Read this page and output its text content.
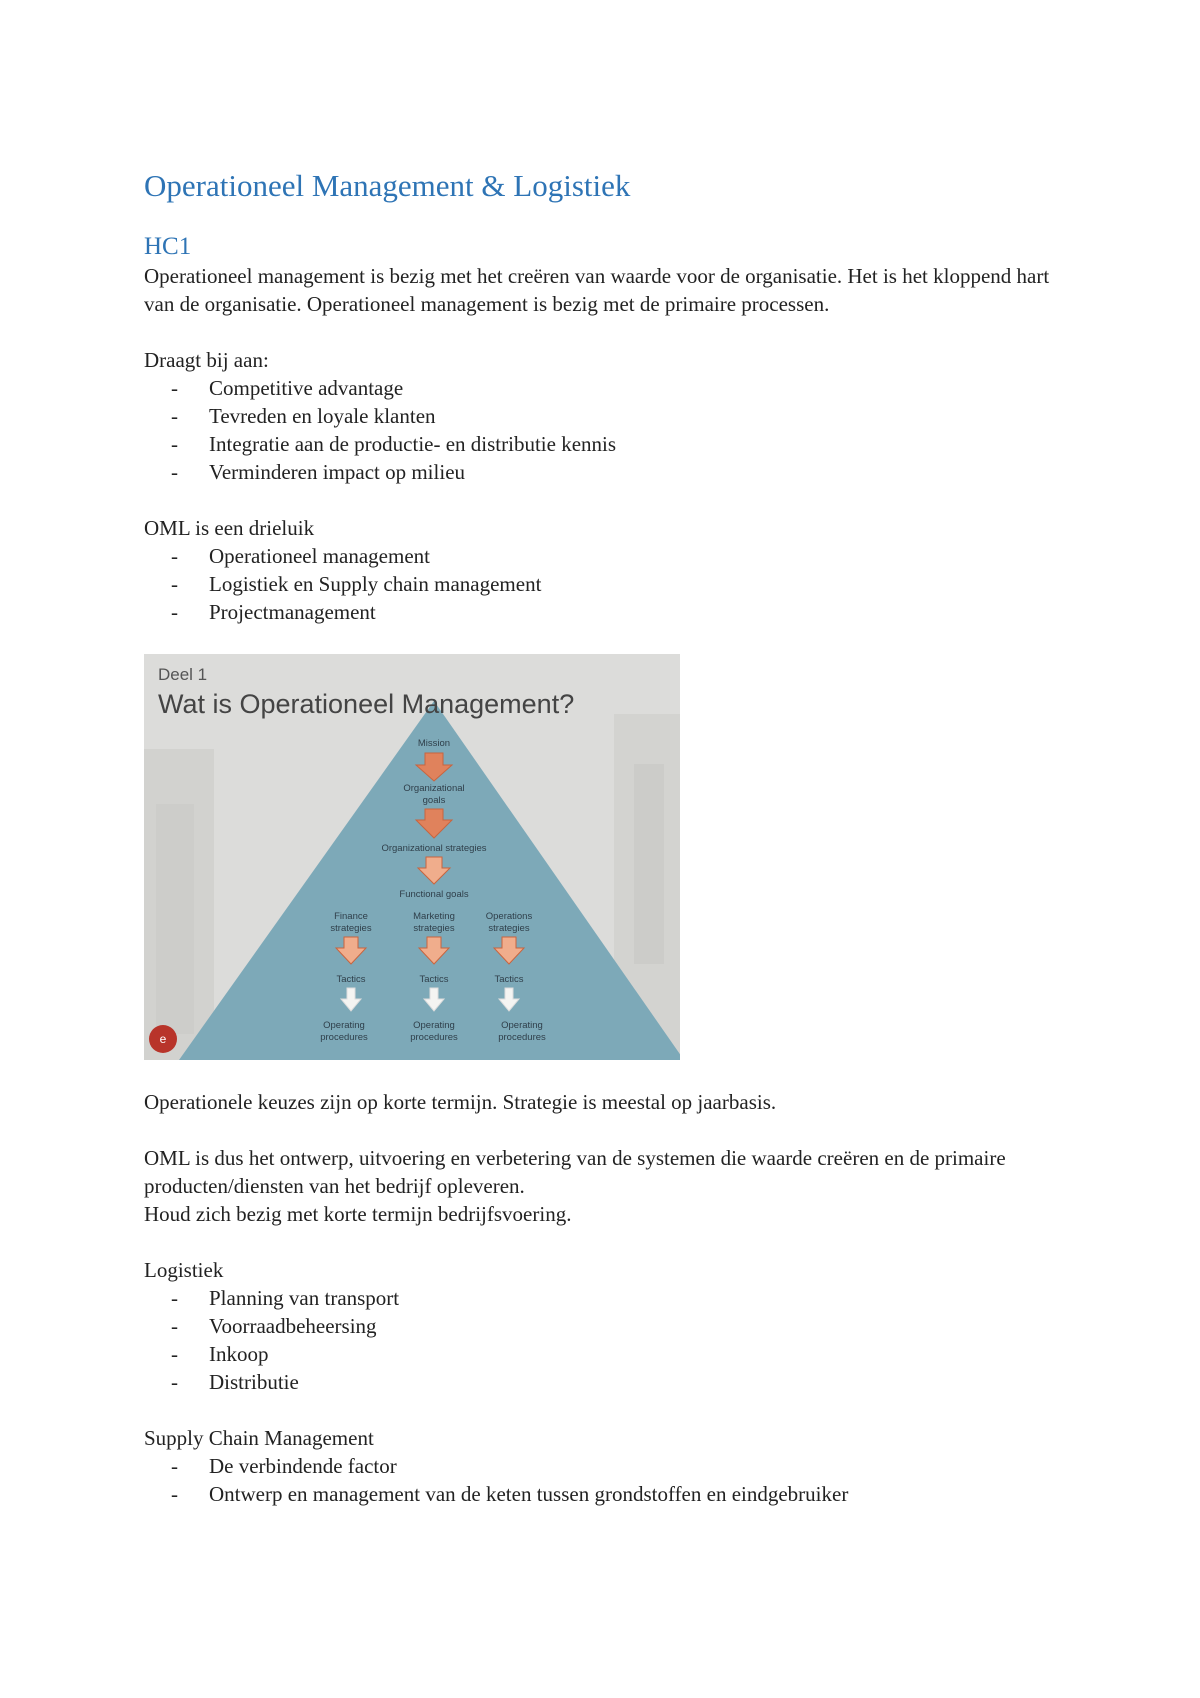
Operationeel Management & Logistiek
HC1

Operationeel management is bezig met het creëren van waarde voor de organisatie. Het is het kloppend hart van de organisatie. Operationeel management is bezig met de primaire processen.

Draagt bij aan:

- Competitive advantage
- Tevreden en loyale klanten
- Integratie aan de productie- en distributie kennis
- Verminderen impact op milieu

OML is een drieluik

- Operationeel management
- Logistiek en Supply chain management
- Projectmanagement
Deel 1
Wat is Operationeel Management?
Mission
Organizational
goals
Organizational strategies
Functional goals
Finance
strategies
Marketing
strategies
Operations
strategies
Tactics	Tactics	Tactics
Operating
procedures
Operating
procedures
Operating
procedures
e

Operationele keuzes zijn op korte termijn. Strategie is meestal op jaarbasis.

OML is dus het ontwerp, uitvoering en verbetering van de systemen die waarde creëren en de primaire producten/diensten van het bedrijf opleveren.

Houd zich bezig met korte termijn bedrijfsvoering.

Logistiek

- Planning van transport
- Voorraadbeheersing
- Inkoop
- Distributie

Supply Chain Management

- De verbindende factor
- Ontwerp en management van de keten tussen grondstoffen en eindgebruiker
